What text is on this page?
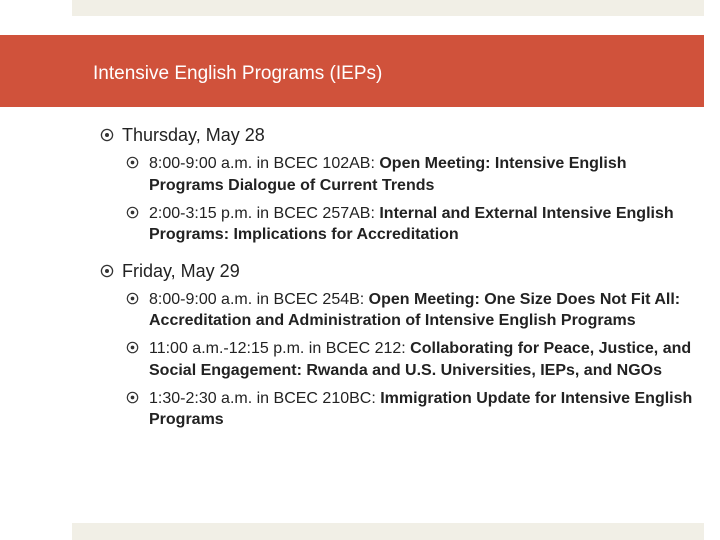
Intensive English Programs (IEPs)
Thursday, May 28
8:00-9:00 a.m. in BCEC 102AB: Open Meeting: Intensive English Programs Dialogue of Current Trends
2:00-3:15 p.m. in BCEC 257AB: Internal and External Intensive English Programs: Implications for Accreditation
Friday, May 29
8:00-9:00 a.m. in BCEC 254B: Open Meeting: One Size Does Not Fit All: Accreditation and Administration of Intensive English Programs
11:00 a.m.-12:15 p.m. in BCEC 212: Collaborating for Peace, Justice, and Social Engagement: Rwanda and U.S. Universities, IEPs, and NGOs
1:30-2:30 a.m. in BCEC 210BC: Immigration Update for Intensive English Programs
